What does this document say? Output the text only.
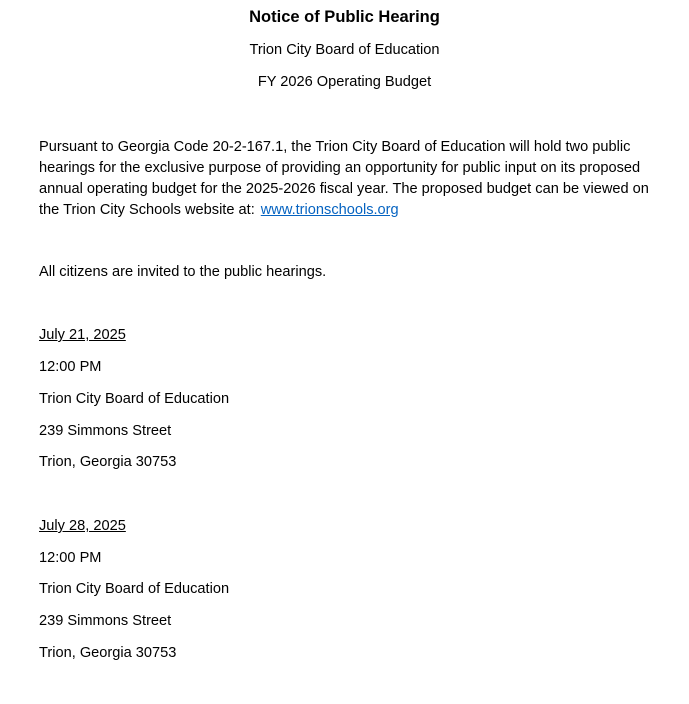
Notice of Public Hearing
Trion City Board of Education
FY 2026 Operating Budget
Pursuant to Georgia Code 20-2-167.1, the Trion City Board of Education will hold two public
hearings for the exclusive purpose of providing an opportunity for public input on its proposed
annual operating budget for the 2025-2026 fiscal year. The proposed budget can be viewed on
the Trion City Schools website at: www.trionschools.org
All citizens are invited to the public hearings.
July 21, 2025
12:00 PM
Trion City Board of Education
239 Simmons Street
Trion, Georgia 30753
July 28, 2025
12:00 PM
Trion City Board of Education
239 Simmons Street
Trion, Georgia 30753
